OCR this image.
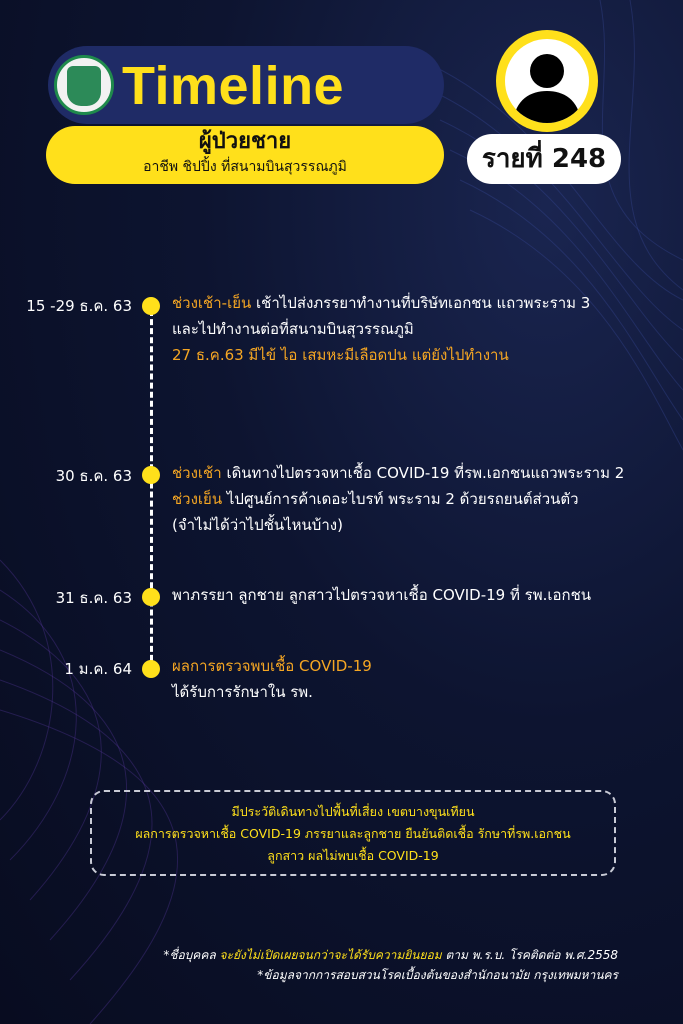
Timeline
ผู้ป่วยชาย
อาชีพ ชิปปิ้ง ที่สนามบินสุวรรณภูมิ	รายที่ 248
15 -29 ธ.ค. 63	ช่วงเช้า-เย็น เช้าไปส่งภรรยาทำงานที่บริษัทเอกชน แถวพระราม 3
และไปทำงานต่อที่สนามบินสุวรรณภูมิ
27 ธ.ค.63 มีไข้ ไอ เสมหะมีเลือดปน แต่ยังไปทำงาน
30 ธ.ค. 63	ช่วงเช้า เดินทางไปตรวจหาเชื้อ COVID-19 ที่รพ.เอกชนแถวพระราม 2
ช่วงเย็น ไปศูนย์การค้าเดอะไบรท์ พระราม 2 ด้วยรถยนต์ส่วนตัว
(จำไม่ได้ว่าไปชั้นไหนบ้าง)
31 ธ.ค. 63	พาภรรยา ลูกชาย ลูกสาวไปตรวจหาเชื้อ COVID-19 ที่ รพ.เอกชน
1 ม.ค. 64	ผลการตรวจพบเชื้อ COVID-19
ได้รับการรักษาใน รพ.
มีประวัติเดินทางไปพื้นที่เสี่ยง เขตบางขุนเทียน
ผลการตรวจหาเชื้อ COVID-19 ภรรยาและลูกชาย ยืนยันติดเชื้อ รักษาที่รพ.เอกชน
ลูกสาว ผลไม่พบเชื้อ COVID-19
*ชื่อบุคคล จะยังไม่เปิดเผยจนกว่าจะได้รับความยินยอม ตาม พ.ร.บ. โรคติดต่อ พ.ศ.2558
*ข้อมูลจากการสอบสวนโรคเบื้องต้นของสำนักอนามัย กรุงเทพมหานคร
